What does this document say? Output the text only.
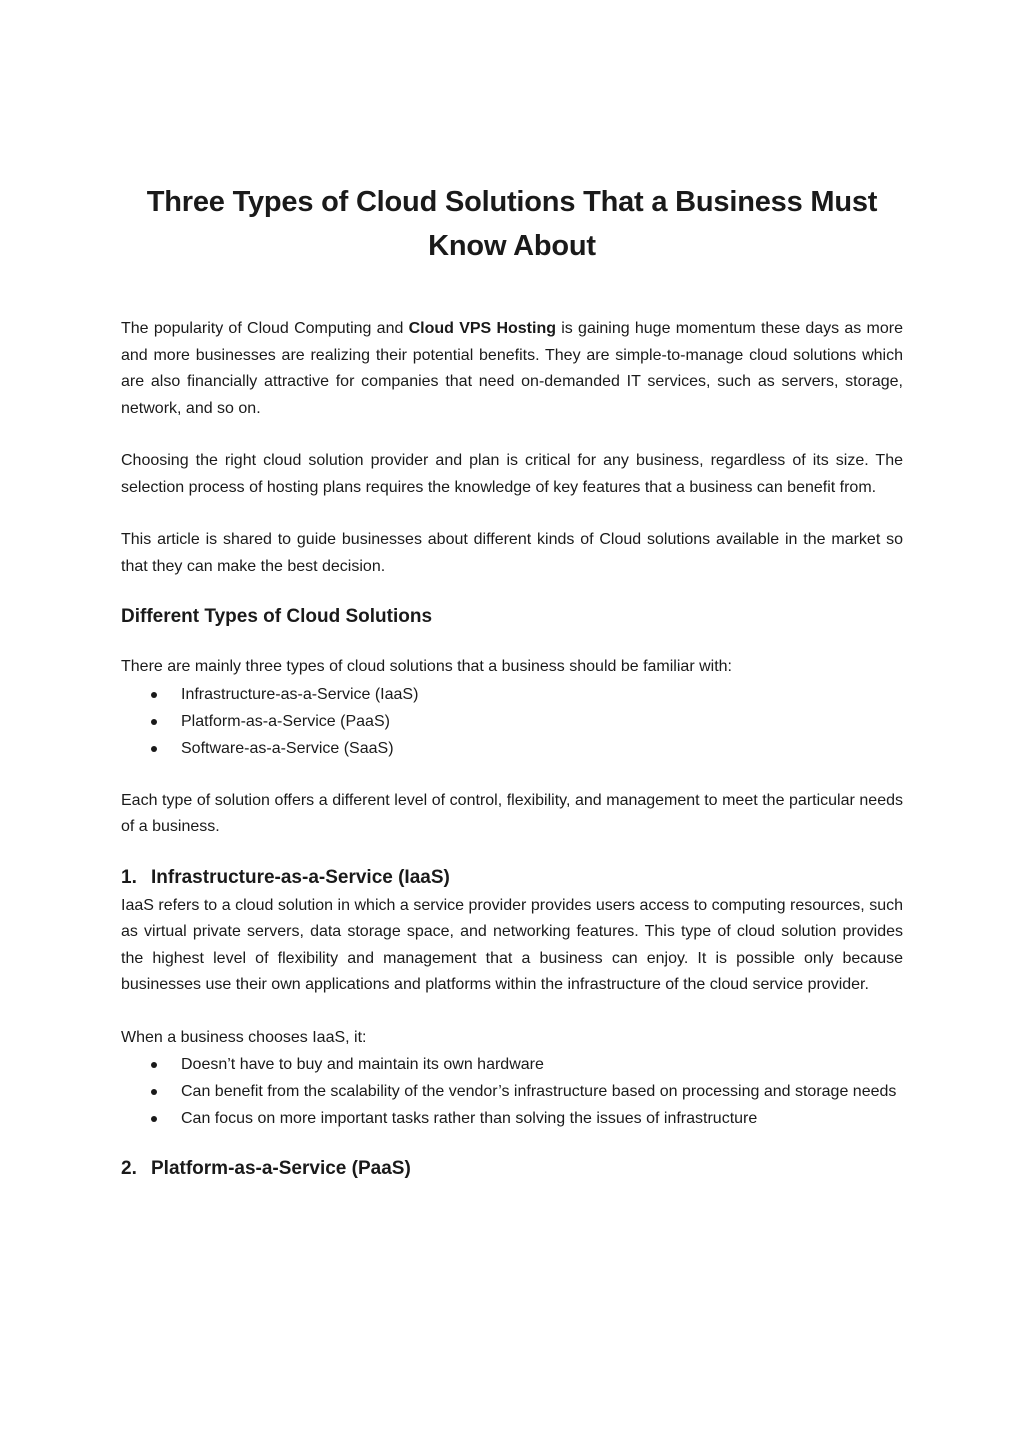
Three Types of Cloud Solutions That a Business Must Know About

The popularity of Cloud Computing and Cloud VPS Hosting is gaining huge momentum these days as more and more businesses are realizing their potential benefits. They are simple-to-manage cloud solutions which are also financially attractive for companies that need on-demanded IT services, such as servers, storage, network, and so on.

Choosing the right cloud solution provider and plan is critical for any business, regardless of its size. The selection process of hosting plans requires the knowledge of key features that a business can benefit from.

This article is shared to guide businesses about different kinds of Cloud solutions available in the market so that they can make the best decision.

Different Types of Cloud Solutions

There are mainly three types of cloud solutions that a business should be familiar with:

Infrastructure-as-a-Service (IaaS)
Platform-as-a-Service (PaaS)
Software-as-a-Service (SaaS)

Each type of solution offers a different level of control, flexibility, and management to meet the particular needs of a business.

1. Infrastructure-as-a-Service (IaaS)

IaaS refers to a cloud solution in which a service provider provides users access to computing resources, such as virtual private servers, data storage space, and networking features. This type of cloud solution provides the highest level of flexibility and management that a business can enjoy. It is possible only because businesses use their own applications and platforms within the infrastructure of the cloud service provider.

When a business chooses IaaS, it:

Doesn’t have to buy and maintain its own hardware
Can benefit from the scalability of the vendor’s infrastructure based on processing and storage needs
Can focus on more important tasks rather than solving the issues of infrastructure
2. Platform-as-a-Service (PaaS)
